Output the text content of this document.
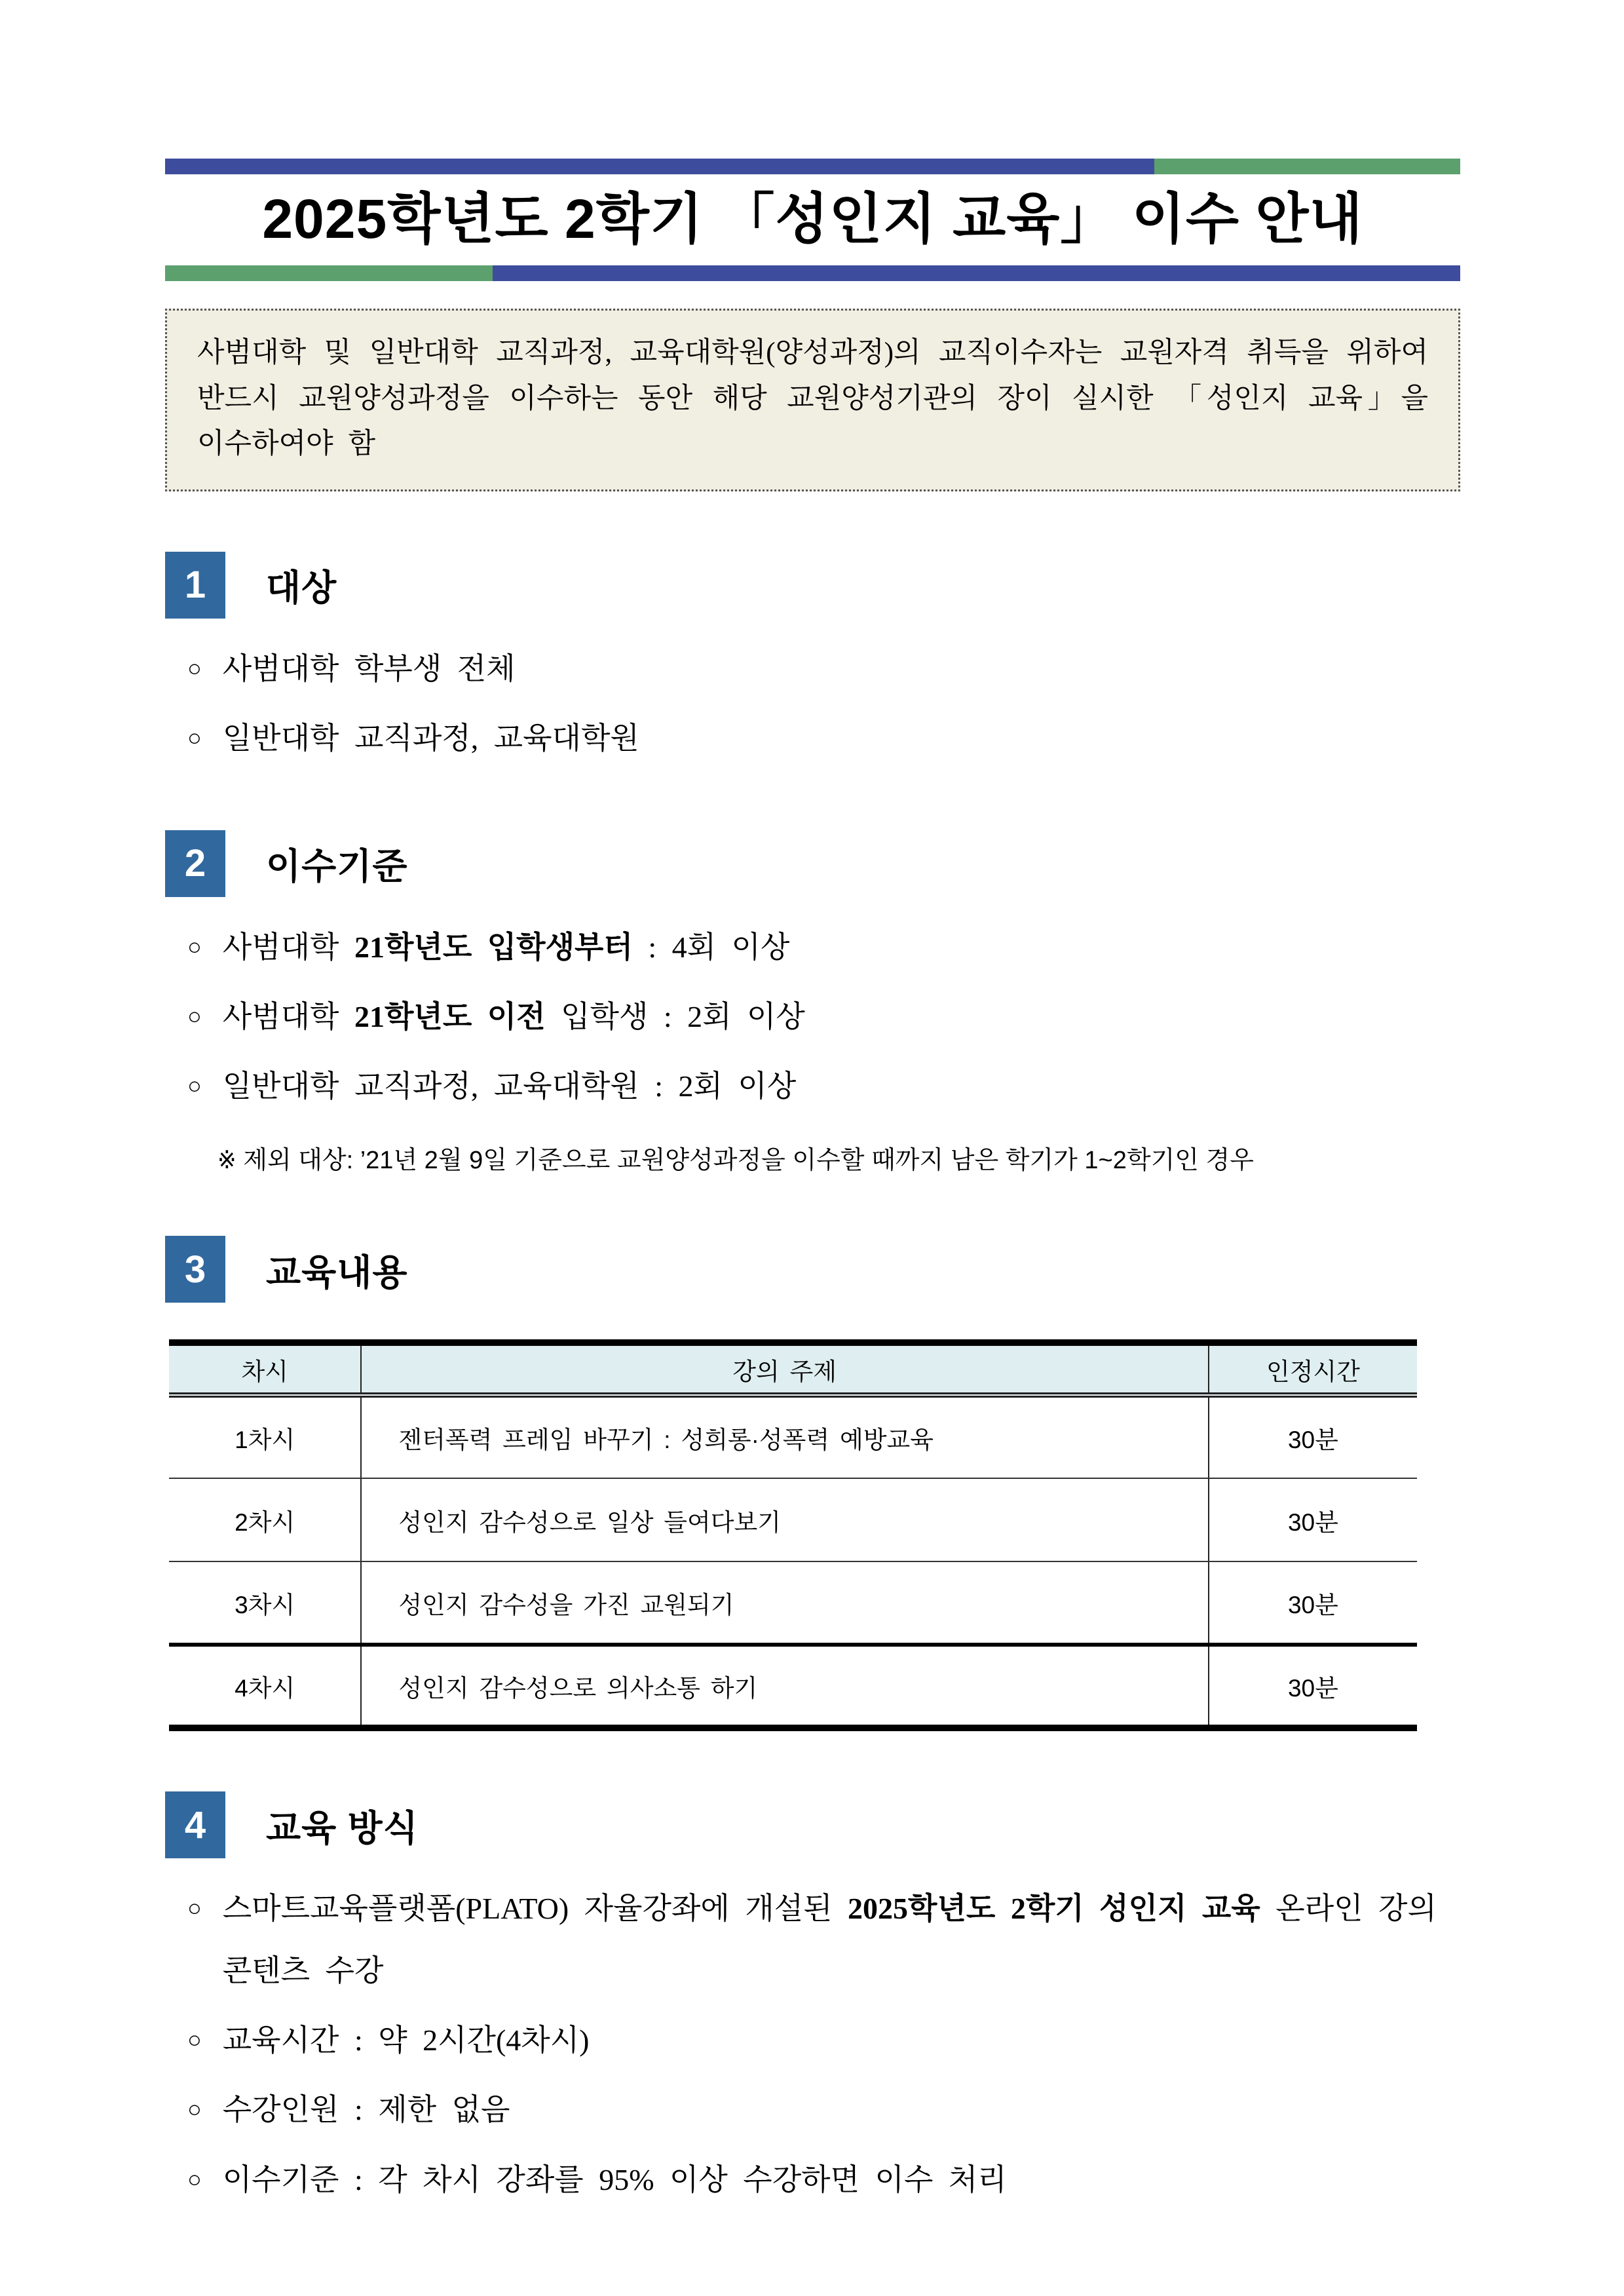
2025학년도 2학기 「성인지 교육」 이수 안내
사범대학 및 일반대학 교직과정, 교육대학원(양성과정)의 교직이수자는 교원자격 취득을 위하여 반드시 교원양성과정을 이수하는 동안 해당 교원양성기관의 장이 실시한 「성인지 교육」을 이수하여야 함
1	대상
○ 사범대학 학부생 전체
○ 일반대학 교직과정, 교육대학원
2	이수기준
○ 사범대학 21학년도 입학생부터 : 4회 이상
○ 사범대학 21학년도 이전 입학생 : 2회 이상
○ 일반대학 교직과정, 교육대학원 : 2회 이상
※ 제외 대상: ’21년 2월 9일 기준으로 교원양성과정을 이수할 때까지 남은 학기가 1~2학기인 경우
3	교육내용
차시	강의 주제	인정시간
1차시	젠터폭력 프레임 바꾸기 : 성희롱·성폭력 예방교육	30분
2차시	성인지 감수성으로 일상 들여다보기	30분
3차시	성인지 감수성을 가진 교원되기	30분
4차시	성인지 감수성으로 의사소통 하기	30분
4	교육 방식
○ 스마트교육플랫폼(PLATO) 자율강좌에 개설된 2025학년도 2학기 성인지 교육 온라인 강의 콘텐츠 수강
○ 교육시간 : 약 2시간(4차시)
○ 수강인원 : 제한 없음
○ 이수기준 : 각 차시 강좌를 95% 이상 수강하면 이수 처리
